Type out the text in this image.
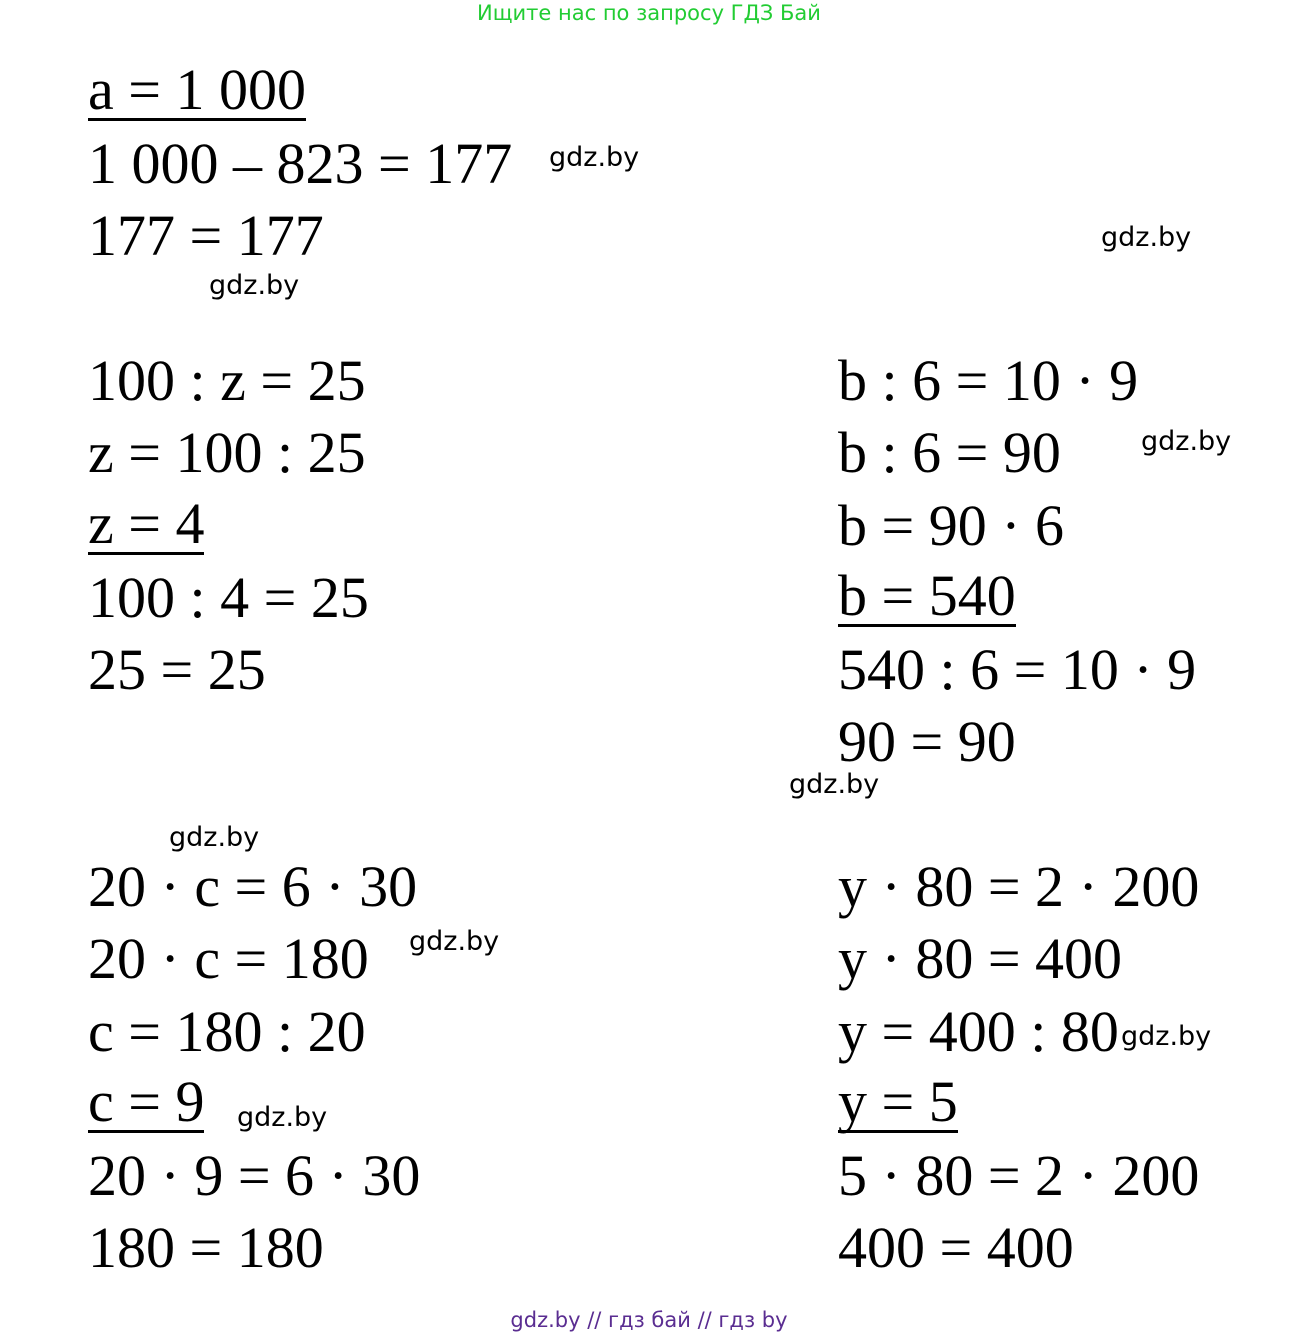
Ищите нас по запросу ГДЗ Бай
a = 1 000
1 000 – 823 = 177
177 = 177
100 : z = 25
z = 100 : 25
z = 4
100 : 4 = 25
25 = 25
b : 6 = 10 · 9
b : 6 = 90
b = 90 · 6
b = 540
540 : 6 = 10 · 9
90 = 90
20 · c = 6 · 30
20 · c = 180
c = 180 : 20
c = 9
20 · 9 = 6 · 30
180 = 180
y · 80 = 2 · 200
y · 80 = 400
y = 400 : 80
y = 5
5 · 80 = 2 · 200
400 = 400
gdz.by
gdz.by
gdz.by
gdz.by
gdz.by
gdz.by
gdz.by
gdz.by
gdz.by
gdz.by // гдз бай // гдз by
